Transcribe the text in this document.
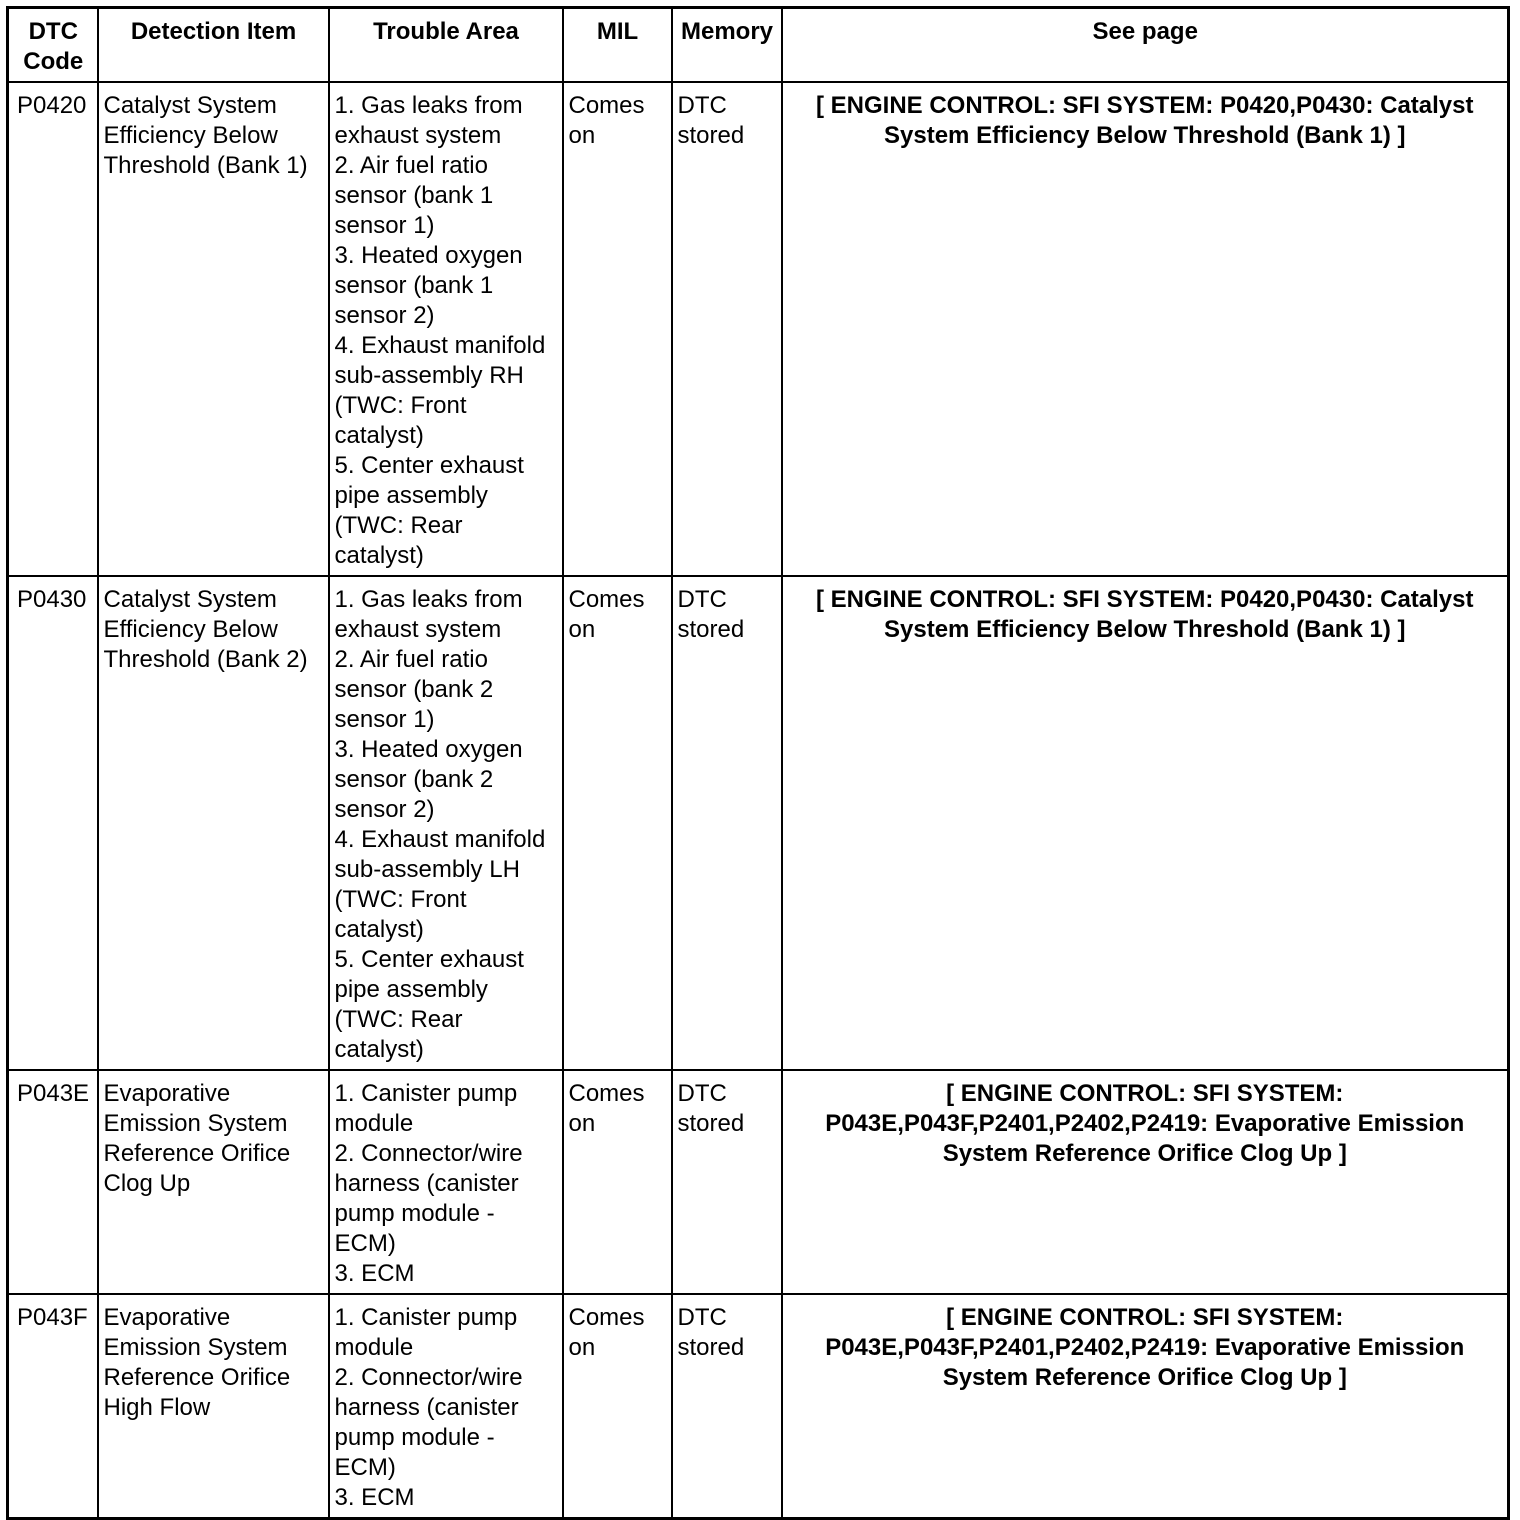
DTC Code	Detection Item	Trouble Area	MIL	Memory	See page
P0420	Catalyst System Efficiency Below Threshold (Bank 1)	1. Gas leaks from exhaust system
2. Air fuel ratio sensor (bank 1 sensor 1)
3. Heated oxygen sensor (bank 1 sensor 2)
4. Exhaust manifold sub-assembly RH (TWC: Front catalyst)
5. Center exhaust pipe assembly (TWC: Rear catalyst)	Comes on	DTC stored	[ ENGINE CONTROL: SFI SYSTEM: P0420,P0430: Catalyst System Efficiency Below Threshold (Bank 1) ]
P0430	Catalyst System Efficiency Below Threshold (Bank 2)	1. Gas leaks from exhaust system
2. Air fuel ratio sensor (bank 2 sensor 1)
3. Heated oxygen sensor (bank 2 sensor 2)
4. Exhaust manifold sub-assembly LH (TWC: Front catalyst)
5. Center exhaust pipe assembly (TWC: Rear catalyst)	Comes on	DTC stored	[ ENGINE CONTROL: SFI SYSTEM: P0420,P0430: Catalyst System Efficiency Below Threshold (Bank 1) ]
P043E	Evaporative Emission System Reference Orifice Clog Up	1. Canister pump module
2. Connector/wire harness (canister pump module - ECM)
3. ECM	Comes on	DTC stored	[ ENGINE CONTROL: SFI SYSTEM: P043E,P043F,P2401,P2402,P2419: Evaporative Emission System Reference Orifice Clog Up ]
P043F	Evaporative Emission System Reference Orifice High Flow	1. Canister pump module
2. Connector/wire harness (canister pump module - ECM)
3. ECM	Comes on	DTC stored	[ ENGINE CONTROL: SFI SYSTEM: P043E,P043F,P2401,P2402,P2419: Evaporative Emission System Reference Orifice Clog Up ]
